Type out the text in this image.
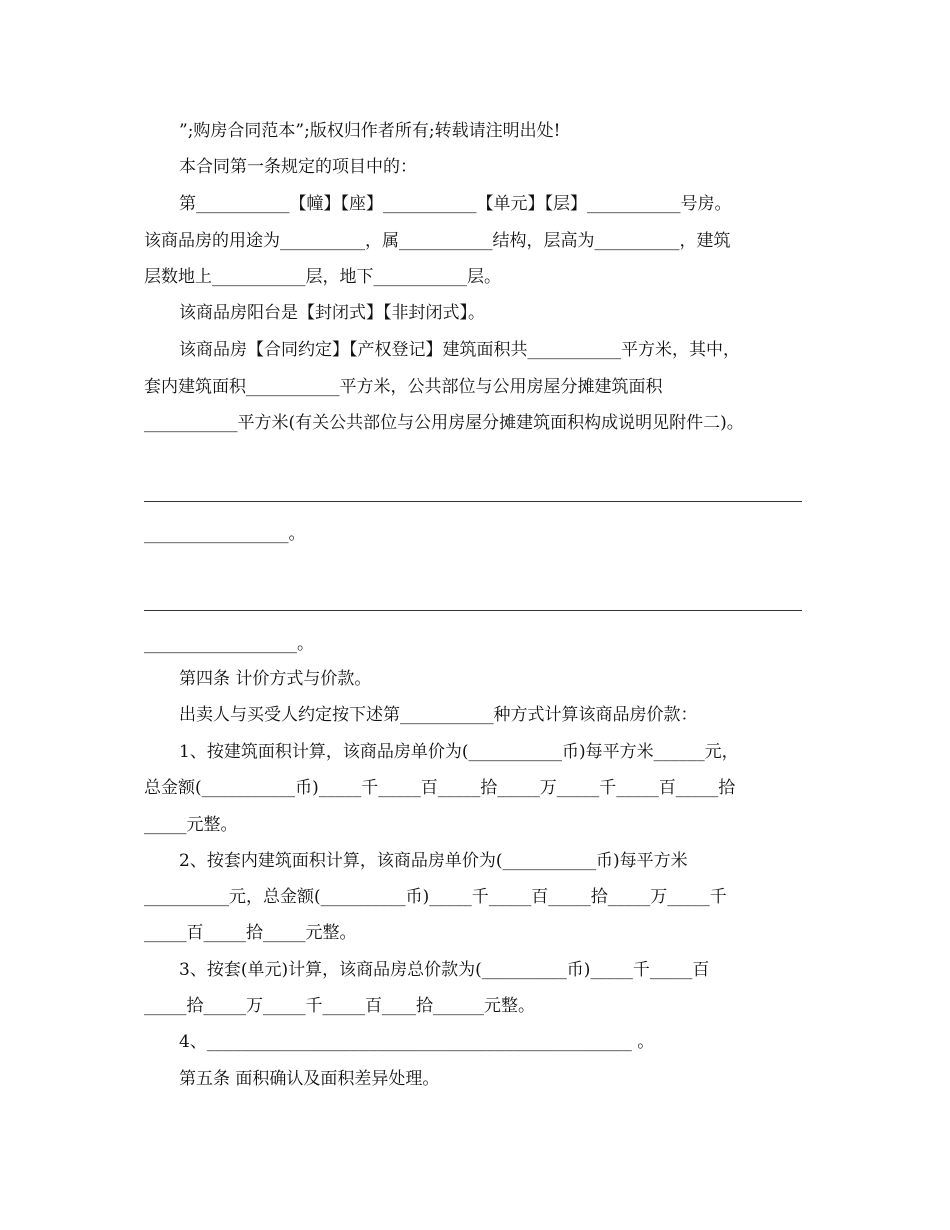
”;购房合同范本”;版权归作者所有;转载请注明出处!
本合同第一条规定的项目中的：
第___________【幢】【座】___________【单元】【层】___________号房。
该商品房的用途为__________，属___________结构，层高为__________，建筑
层数地上___________层，地下___________层。
该商品房阳台是【封闭式】【非封闭式】。
该商品房【合同约定】【产权登记】建筑面积共___________平方米，其中，
套内建筑面积___________平方米，公共部位与公用房屋分摊建筑面积
___________平方米(有关公共部位与公用房屋分摊建筑面积构成说明见附件二)。
_________________。
__________________。
第四条 计价方式与价款。
出卖人与买受人约定按下述第___________种方式计算该商品房价款：
1、按建筑面积计算，该商品房单价为(___________币)每平方米______元，
总金额(___________币)_____千_____百_____拾_____万_____千_____百_____拾
_____元整。
2、按套内建筑面积计算，该商品房单价为(___________币)每平方米
__________元，总金额(__________币)_____千_____百_____拾_____万_____千
_____百_____拾_____元整。
3、按套(单元)计算，该商品房总价款为(__________币)_____千_____百
_____拾_____万_____千_____百____拾______元整。
4、__________________________________________________ 。
第五条 面积确认及面积差异处理。
